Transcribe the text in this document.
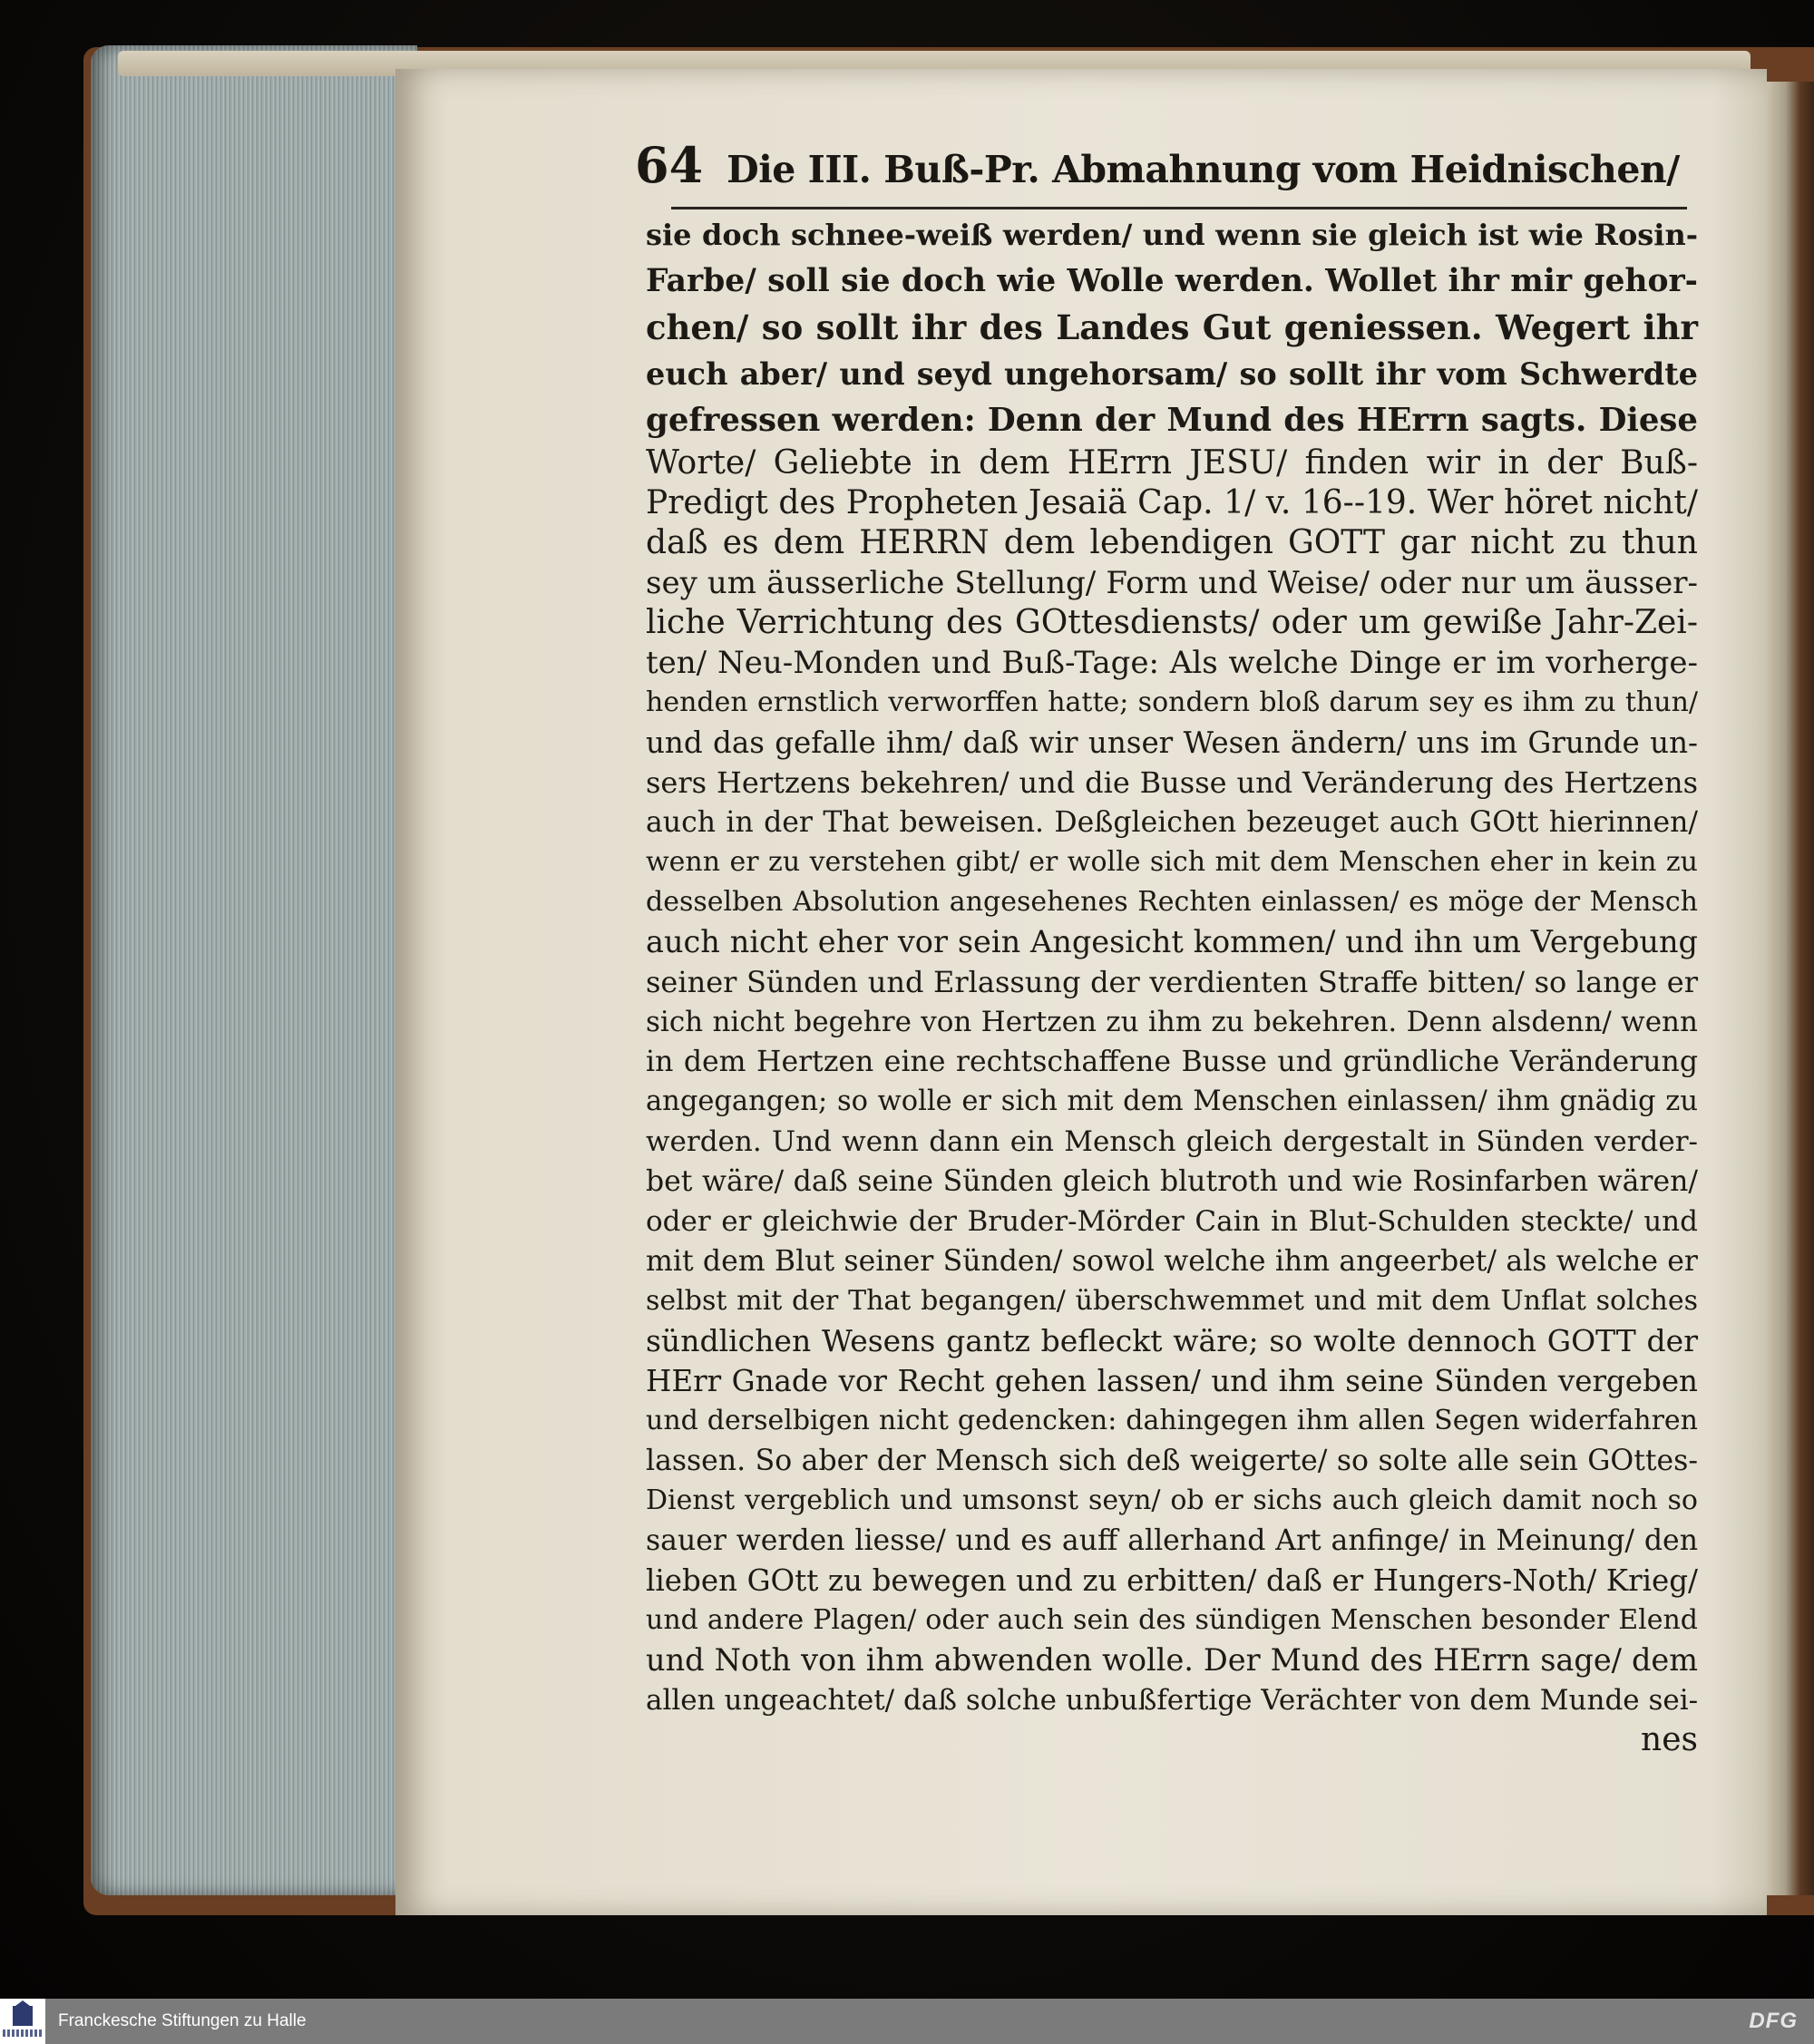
64 Die III. Buß-Pr. Abmahnung vom Heidnischen/
sie doch schnee-weiß werden/ und wenn sie gleich ist wie Rosin-
Farbe/ soll sie doch wie Wolle werden. Wollet ihr mir gehor-
chen/ so sollt ihr des Landes Gut geniessen. Wegert ihr
euch aber/ und seyd ungehorsam/ so sollt ihr vom Schwerdte
gefressen werden: Denn der Mund des HErrn sagts. Diese
Worte/ Geliebte in dem HErrn JESU/ finden wir in der Buß-
Predigt des Propheten Jesaiä Cap. 1/ v. 16--19. Wer höret nicht/
daß es dem HERRN dem lebendigen GOTT gar nicht zu thun
sey um äusserliche Stellung/ Form und Weise/ oder nur um äusser-
liche Verrichtung des GOttesdiensts/ oder um gewiße Jahr-Zei-
ten/ Neu-Monden und Buß-Tage: Als welche Dinge er im vorherge-
henden ernstlich verworffen hatte; sondern bloß darum sey es ihm zu thun/
und das gefalle ihm/ daß wir unser Wesen ändern/ uns im Grunde un-
sers Hertzens bekehren/ und die Busse und Veränderung des Hertzens
auch in der That beweisen. Deßgleichen bezeuget auch GOtt hierinnen/
wenn er zu verstehen gibt/ er wolle sich mit dem Menschen eher in kein zu
desselben Absolution angesehenes Rechten einlassen/ es möge der Mensch
auch nicht eher vor sein Angesicht kommen/ und ihn um Vergebung
seiner Sünden und Erlassung der verdienten Straffe bitten/ so lange er
sich nicht begehre von Hertzen zu ihm zu bekehren. Denn alsdenn/ wenn
in dem Hertzen eine rechtschaffene Busse und gründliche Veränderung
angegangen; so wolle er sich mit dem Menschen einlassen/ ihm gnädig zu
werden. Und wenn dann ein Mensch gleich dergestalt in Sünden verder-
bet wäre/ daß seine Sünden gleich blutroth und wie Rosinfarben wären/
oder er gleichwie der Bruder-Mörder Cain in Blut-Schulden steckte/ und
mit dem Blut seiner Sünden/ sowol welche ihm angeerbet/ als welche er
selbst mit der That begangen/ überschwemmet und mit dem Unflat solches
sündlichen Wesens gantz befleckt wäre; so wolte dennoch GOTT der
HErr Gnade vor Recht gehen lassen/ und ihm seine Sünden vergeben
und derselbigen nicht gedencken: dahingegen ihm allen Segen widerfahren
lassen. So aber der Mensch sich deß weigerte/ so solte alle sein GOttes-
Dienst vergeblich und umsonst seyn/ ob er sichs auch gleich damit noch so
sauer werden liesse/ und es auff allerhand Art anfinge/ in Meinung/ den
lieben GOtt zu bewegen und zu erbitten/ daß er Hungers-Noth/ Krieg/
und andere Plagen/ oder auch sein des sündigen Menschen besonder Elend
und Noth von ihm abwenden wolle. Der Mund des HErrn sage/ dem
allen ungeachtet/ daß solche unbußfertige Verächter von dem Munde sei-
nes
Franckesche Stiftungen zu Halle	DFG
